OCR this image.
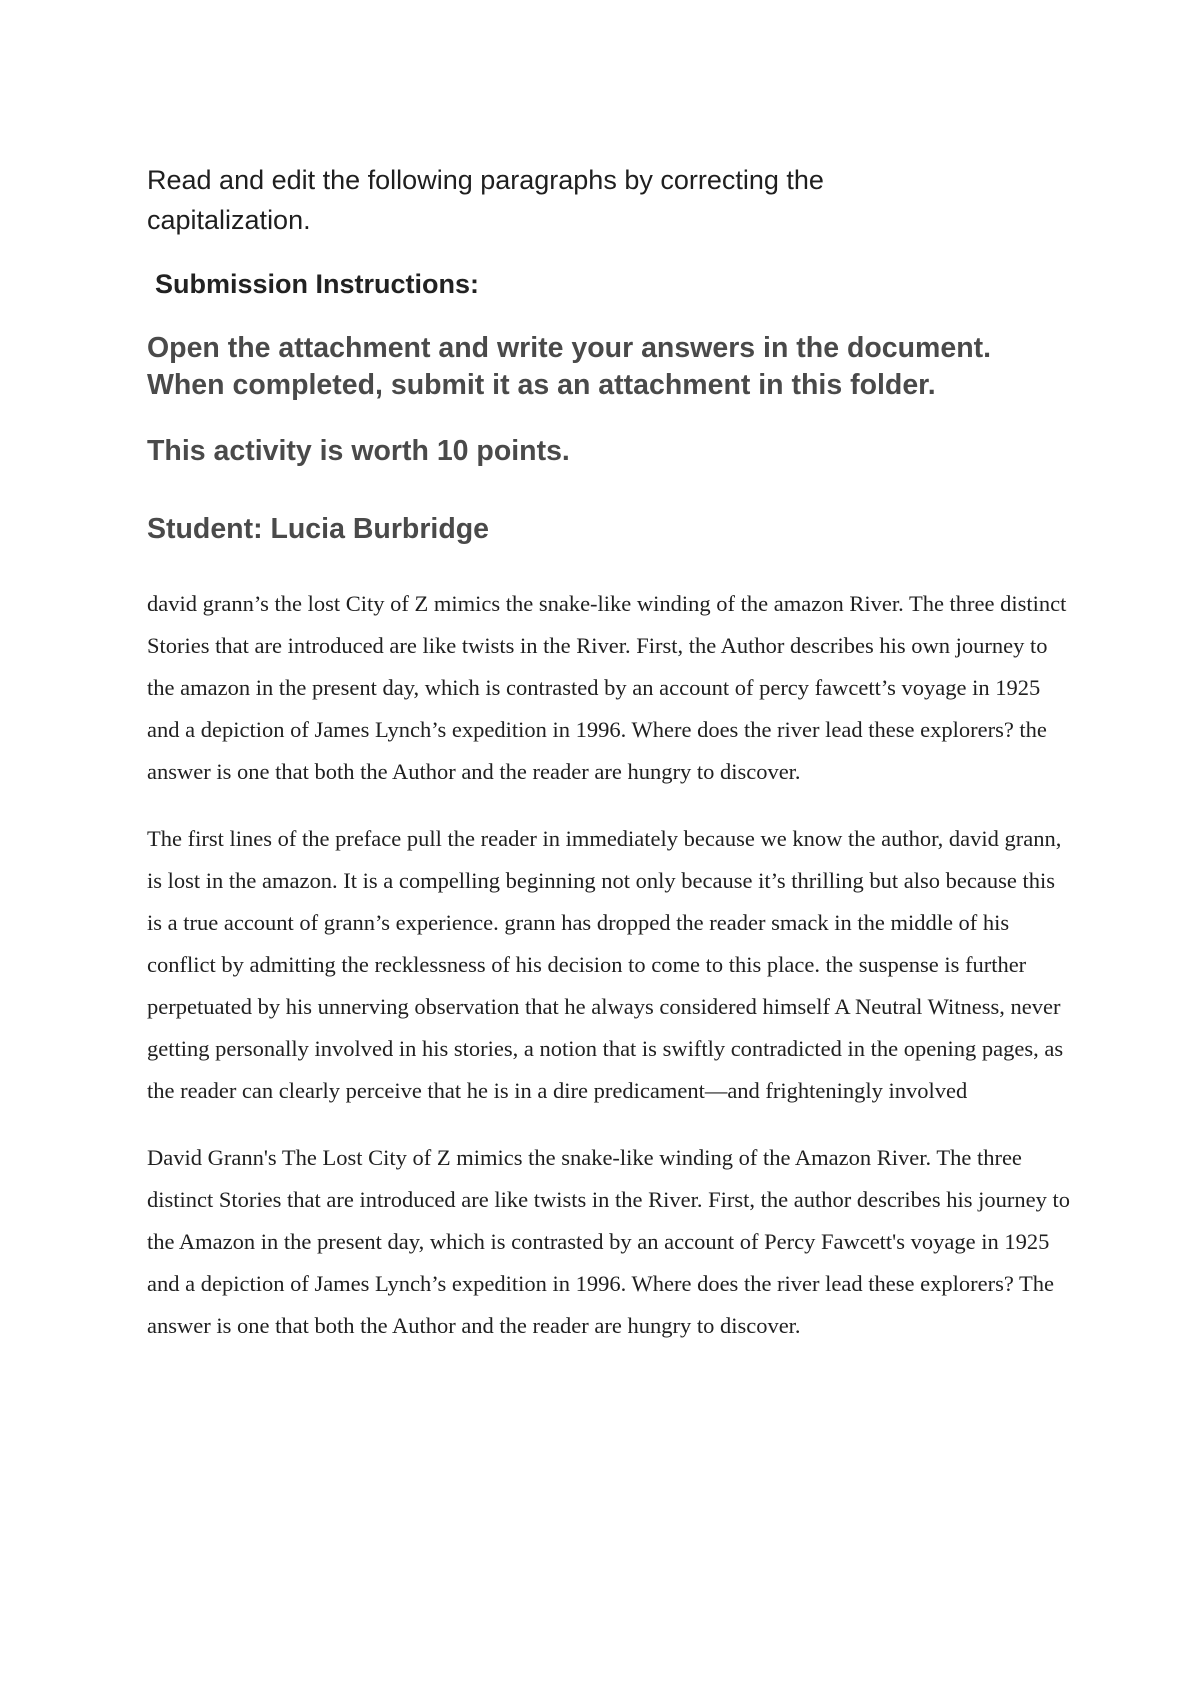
Read and edit the following paragraphs by correcting the capitalization.

Submission Instructions:

Open the attachment and write your answers in the document. When completed, submit it as an attachment in this folder.

This activity is worth 10 points.

Student: Lucia Burbridge

david grann’s the lost City of Z mimics the snake-like winding of the amazon River. The three distinct Stories that are introduced are like twists in the River. First, the Author describes his own journey to the amazon in the present day, which is contrasted by an account of percy fawcett’s voyage in 1925 and a depiction of James Lynch’s expedition in 1996. Where does the river lead these explorers? the answer is one that both the Author and the reader are hungry to discover.

The first lines of the preface pull the reader in immediately because we know the author, david grann, is lost in the amazon. It is a compelling beginning not only because it’s thrilling but also because this is a true account of grann’s experience. grann has dropped the reader smack in the middle of his conflict by admitting the recklessness of his decision to come to this place. the suspense is further perpetuated by his unnerving observation that he always considered himself A Neutral Witness, never getting personally involved in his stories, a notion that is swiftly contradicted in the opening pages, as the reader can clearly perceive that he is in a dire predicament—and frighteningly involved

David Grann's The Lost City of Z mimics the snake-like winding of the Amazon River. The three distinct Stories that are introduced are like twists in the River. First, the author describes his journey to the Amazon in the present day, which is contrasted by an account of Percy Fawcett's voyage in 1925 and a depiction of James Lynch’s expedition in 1996. Where does the river lead these explorers? The answer is one that both the Author and the reader are hungry to discover.
